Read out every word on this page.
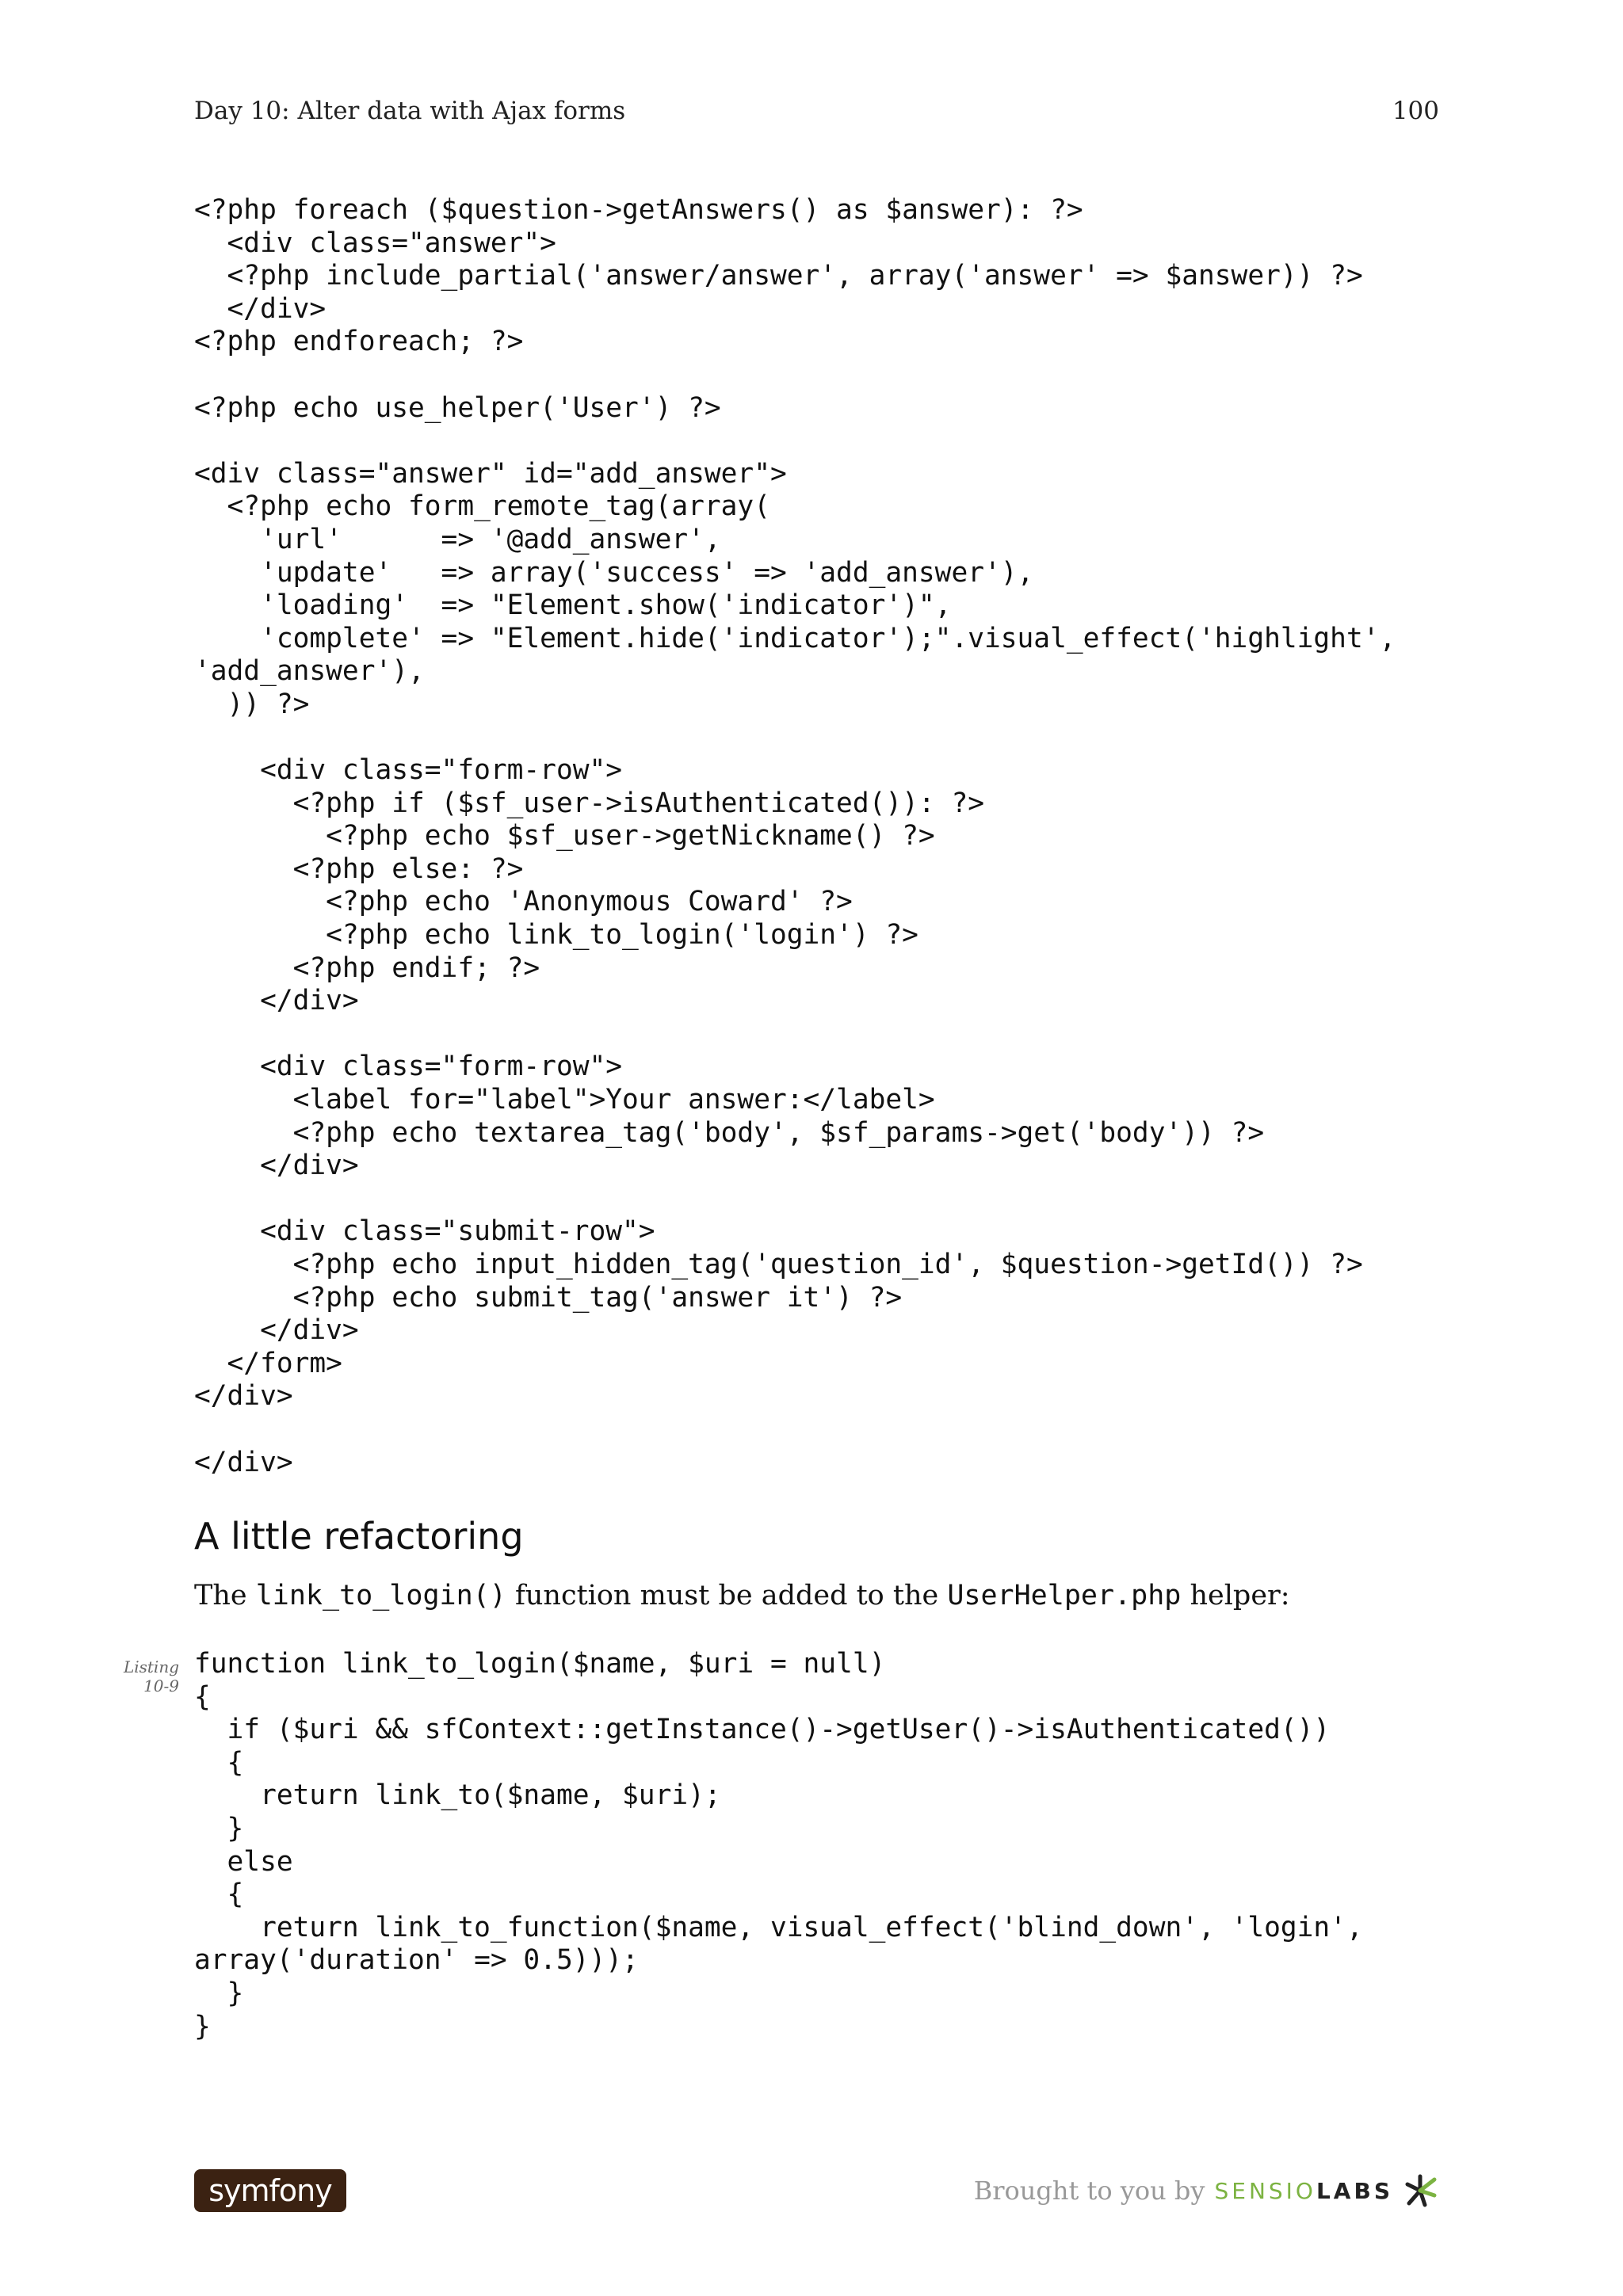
Day 10: Alter data with Ajax forms	100
<?php foreach ($question->getAnswers() as $answer): ?>
<div class="answer">
<?php include_partial('answer/answer', array('answer' => $answer)) ?>
</div>
<?php endforeach; ?>

<?php echo use_helper('User') ?>

<div class="answer" id="add_answer">
<?php echo form_remote_tag(array(
'url'      => '@add_answer',
'update'   => array('success' => 'add_answer'),
'loading'  => "Element.show('indicator')",
'complete' => "Element.hide('indicator');".visual_effect('highlight',
'add_answer'),
)) ?>

<div class="form-row">
<?php if ($sf_user->isAuthenticated()): ?>
<?php echo $sf_user->getNickname() ?>
<?php else: ?>
<?php echo 'Anonymous Coward' ?>
<?php echo link_to_login('login') ?>
<?php endif; ?>
</div>

<div class="form-row">
<label for="label">Your answer:</label>
<?php echo textarea_tag('body', $sf_params->get('body')) ?>
</div>

<div class="submit-row">
<?php echo input_hidden_tag('question_id', $question->getId()) ?>
<?php echo submit_tag('answer it') ?>
</div>
</form>
</div>

</div>
A little refactoring
The link_to_login() function must be added to the UserHelper.php helper:
Listing
10-9
function link_to_login($name, $uri = null)
{
if ($uri && sfContext::getInstance()->getUser()->isAuthenticated())
{
return link_to($name, $uri);
}
else
{
return link_to_function($name, visual_effect('blind_down', 'login',
array('duration' => 0.5)));
}
}
symfony	Brought to you by SENSIO LABS
